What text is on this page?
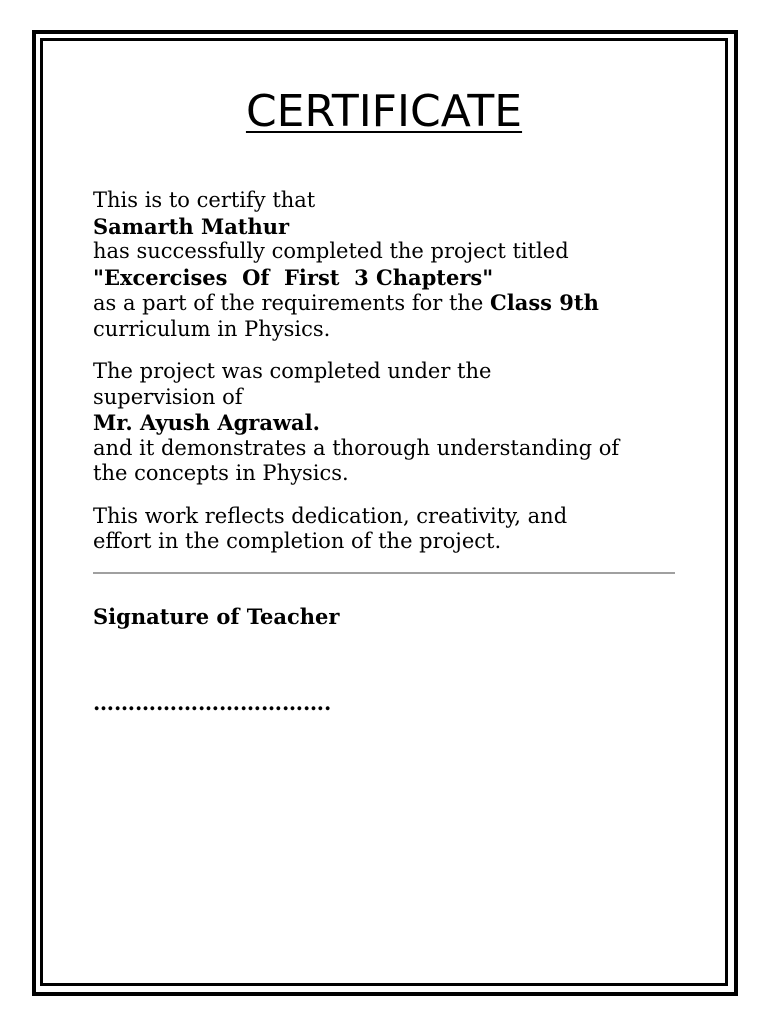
CERTIFICATE
This is to certify that
Samarth Mathur
has successfully completed the project titled
"Excercises  Of  First  3 Chapters"
as a part of the requirements for the Class 9th
curriculum in Physics.
The project was completed under the
supervision of
Mr. Ayush Agrawal.
and it demonstrates a thorough understanding of
the concepts in Physics.
This work reflects dedication, creativity, and
effort in the completion of the project.
Signature of Teacher
…………………………….
